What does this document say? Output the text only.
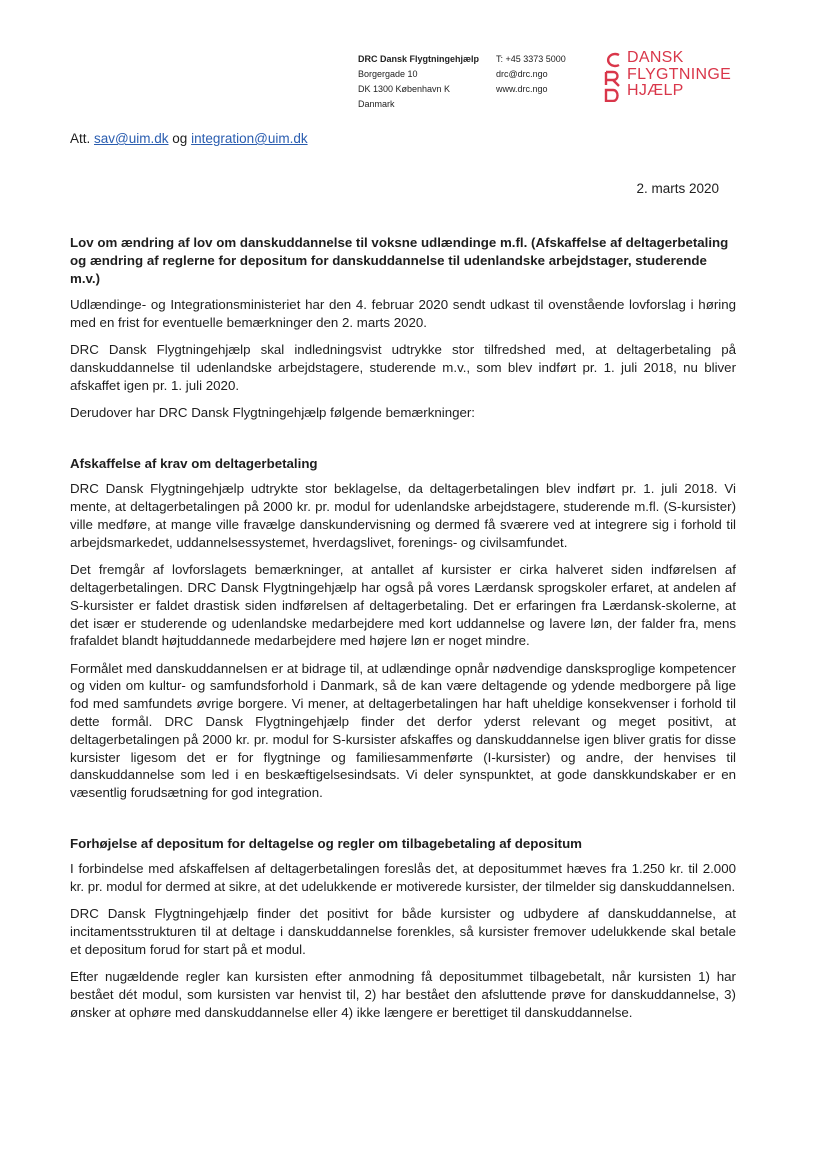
DRC Dansk Flygtningehjælp
Borgergade 10
DK 1300 København K
Danmark
T: +45 3373 5000
drc@drc.ngo
www.drc.ngo
DANSK
FLYGTNINGE
HJÆLP
Att. sav@uim.dk og integration@uim.dk
2. marts 2020

Lov om ændring af lov om danskuddannelse til voksne udlændinge m.fl. (Afskaffelse af deltagerbetaling og ændring af reglerne for depositum for danskuddannelse til udenlandske arbejdstager, studerende m.v.)

Udlændinge- og Integrationsministeriet har den 4. februar 2020 sendt udkast til ovenstående lovforslag i høring med en frist for eventuelle bemærkninger den 2. marts 2020.

DRC Dansk Flygtningehjælp skal indledningsvist udtrykke stor tilfredshed med, at deltagerbetaling på danskuddannelse til udenlandske arbejdstagere, studerende m.v., som blev indført pr. 1. juli 2018, nu bliver afskaffet igen pr. 1. juli 2020.

Derudover har DRC Dansk Flygtningehjælp følgende bemærkninger:

Afskaffelse af krav om deltagerbetaling

DRC Dansk Flygtningehjælp udtrykte stor beklagelse, da deltagerbetalingen blev indført pr. 1. juli 2018. Vi mente, at deltagerbetalingen på 2000 kr. pr. modul for udenlandske arbejdstagere, studerende m.fl. (S-kursister) ville medføre, at mange ville fravælge danskundervisning og dermed få sværere ved at integrere sig i forhold til arbejdsmarkedet, uddannelsessystemet, hverdagslivet, forenings- og civilsamfundet.

Det fremgår af lovforslagets bemærkninger, at antallet af kursister er cirka halveret siden indførelsen af deltagerbetalingen. DRC Dansk Flygtningehjælp har også på vores Lærdansk sprogskoler erfaret, at andelen af S-kursister er faldet drastisk siden indførelsen af deltagerbetaling. Det er erfaringen fra Lærdansk-skolerne, at det især er studerende og udenlandske medarbejdere med kort uddannelse og lavere løn, der falder fra, mens frafaldet blandt højtuddannede medarbejdere med højere løn er noget mindre.

Formålet med danskuddannelsen er at bidrage til, at udlændinge opnår nødvendige dansksproglige kompetencer og viden om kultur- og samfundsforhold i Danmark, så de kan være deltagende og ydende medborgere på lige fod med samfundets øvrige borgere. Vi mener, at deltagerbetalingen har haft uheldige konsekvenser i forhold til dette formål. DRC Dansk Flygtningehjælp finder det derfor yderst relevant og meget positivt, at deltagerbetalingen på 2000 kr. pr. modul for S-kursister afskaffes og danskuddannelse igen bliver gratis for disse kursister ligesom det er for flygtninge og familiesammenførte (I-kursister) og andre, der henvises til danskuddannelse som led i en beskæftigelsesindsats. Vi deler synspunktet, at gode danskkundskaber er en væsentlig forudsætning for god integration.

Forhøjelse af depositum for deltagelse og regler om tilbagebetaling af depositum

I forbindelse med afskaffelsen af deltagerbetalingen foreslås det, at depositummet hæves fra 1.250 kr. til 2.000 kr. pr. modul for dermed at sikre, at det udelukkende er motiverede kursister, der tilmelder sig danskuddannelsen.

DRC Dansk Flygtningehjælp finder det positivt for både kursister og udbydere af danskuddannelse, at incitamentsstrukturen til at deltage i danskuddannelse forenkles, så kursister fremover udelukkende skal betale et depositum forud for start på et modul.

Efter nugældende regler kan kursisten efter anmodning få depositummet tilbagebetalt, når kursisten 1) har bestået dét modul, som kursisten var henvist til, 2) har bestået den afsluttende prøve for danskuddannelse, 3) ønsker at ophøre med danskuddannelse eller 4) ikke længere er berettiget til danskuddannelse.
